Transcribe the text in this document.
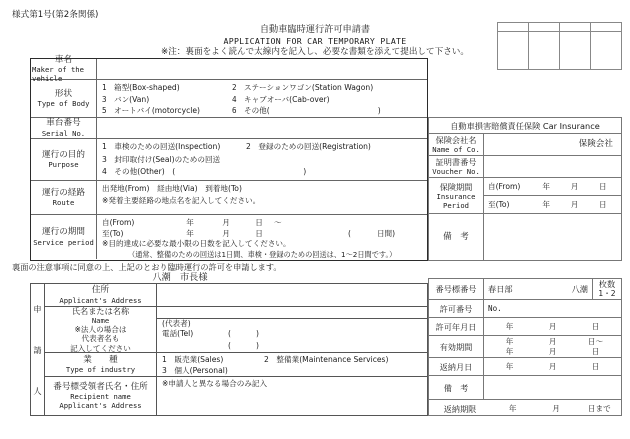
様式第1号(第2条関係)
自動車臨時運行許可申請書
APPLICATION FOR CAR TEMPORARY PLATE
※注：裏面をよく読んで太線内を記入し、必要な書類を添えて提出して下さい。
車名
Maker of the vehicle
形状
Type of Body
1 箱型(Box-shaped)	2 ステーションワゴン(Station Wagon)
3 バン(Van)	4 キャブオーバ(Cab-over)
5 オートバイ(motorcycle)	6 その他(	)
車台番号
Serial No.
運行の目的
Purpose
1　車検のための回送(Inspection)	2　登録のための回送(Registration)
3　封印取付け(Seal)のための回送
4　その他(Other)　(	)
運行の経路
Route
出発地(From)　経由地(Via)　到着地(To)
※発着主要経路の地点名を記入してください。
運行の期間
Service period
自(From)	年	月	日	～
至(To)	年	月	日	(	日間)
※目的達成に必要な最小限の日数を記入してください。
（通常、整備のための回送は1日間、車検・登録のための回送は、1～2日間です。）
自動車損害賠償責任保険 Car Insurance
保険会社名
Name of Co.
保険会社
証明書番号
Voucher No.
保険期間
Insurance
Period
自(From)	年	月	日
至(To)	年	月	日
備　考
裏面の注意事項に同意の上、上記のとおり臨時運行の許可を申請します。
八潮　市長様
申
請
人
住所
Applicant's Address
氏名または名称
Name
※法人の場合は
代表者名も
記入してください
(代表者)
電話(Tel)	(	)
(	)
業　　種
Type of industry
1　販売業(Sales)	2　整備業(Maintenance Services)
3　個人(Personal)
番号標受領者氏名・住所
Recipient name
Applicant's Address
※申請人と異なる場合のみ記入
番号標番号	春日部	八潮 枚数
1・2
許可番号	No.
許可年月日	年	月	日
有効期間
年	月	日～
年	月	日
返納月日	年	月	日
備　考
返納期限	年	月	日まで
